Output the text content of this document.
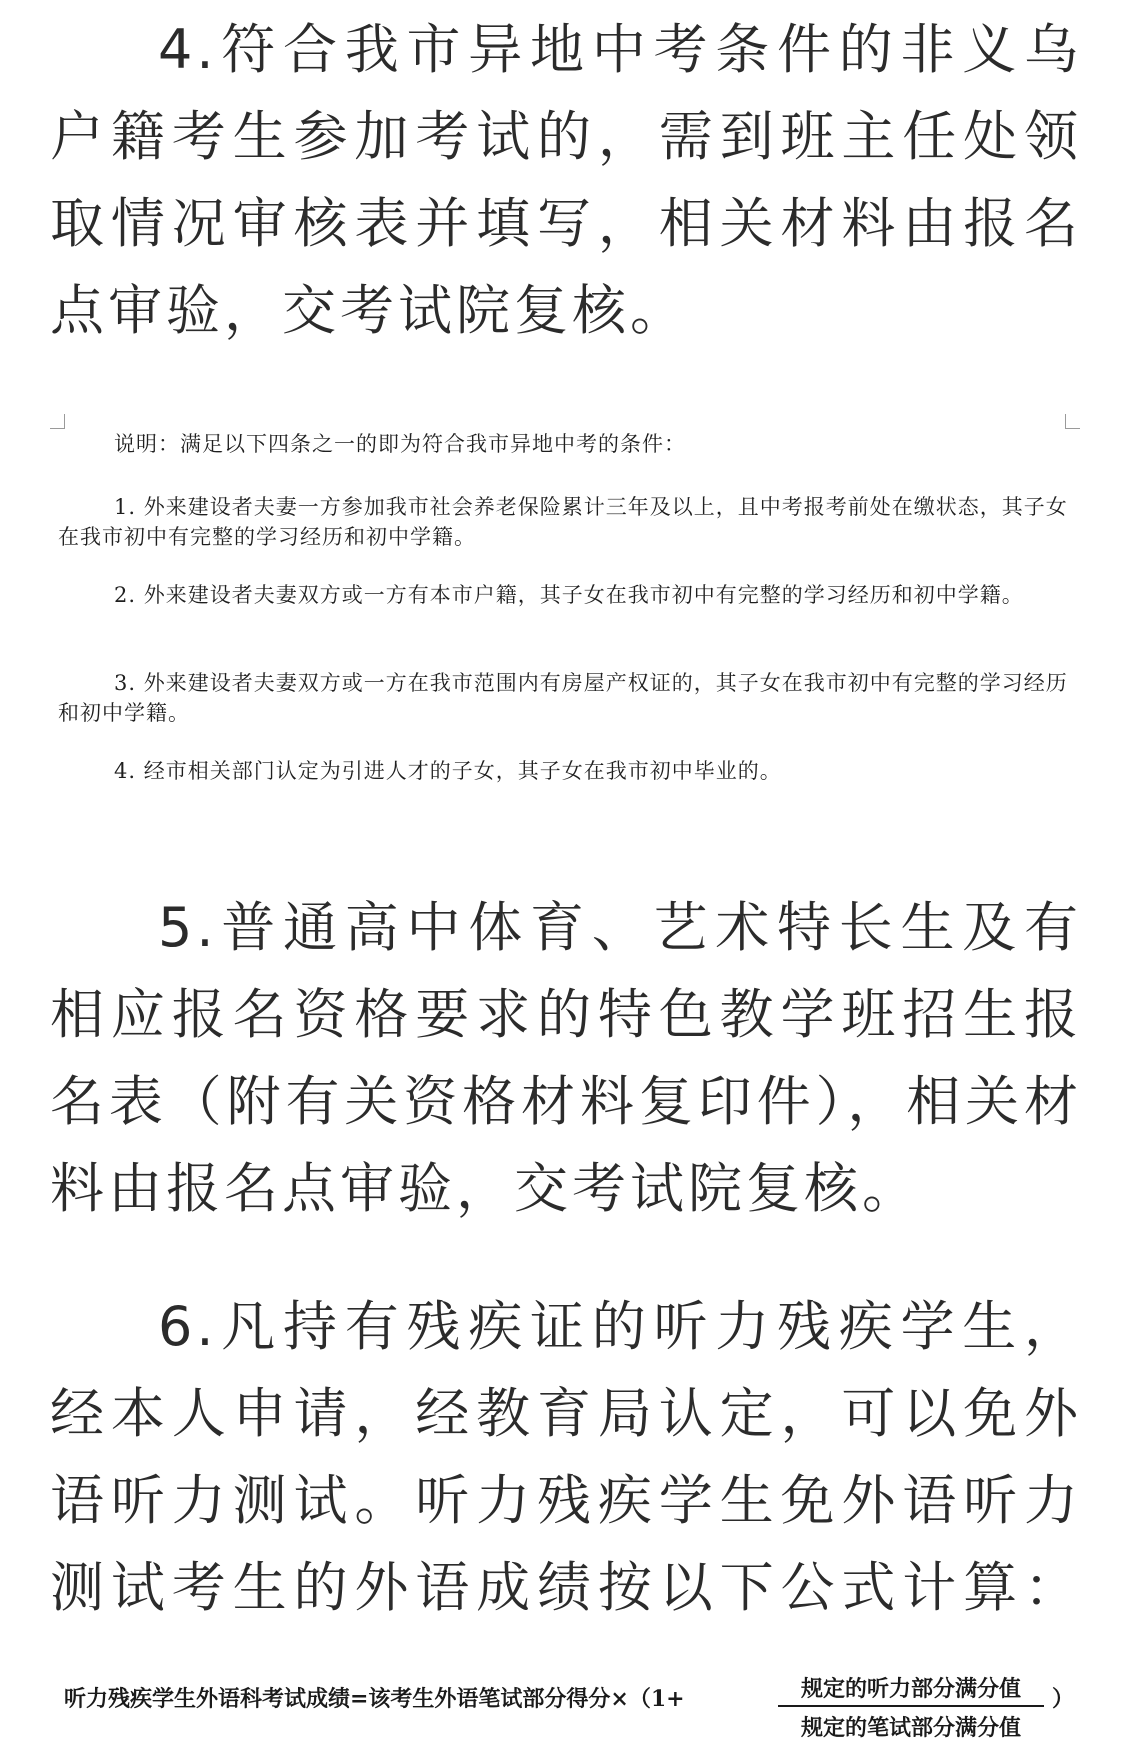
4.符合我市异地中考条件的非义乌户籍考生参加考试的，需到班主任处领取情况审核表并填写，相关材料由报名点审验，交考试院复核。

说明：满足以下四条之一的即为符合我市异地中考的条件：

1. 外来建设者夫妻一方参加我市社会养老保险累计三年及以上，且中考报考前处在缴状态，其子女在我市初中有完整的学习经历和初中学籍。

2. 外来建设者夫妻双方或一方有本市户籍，其子女在我市初中有完整的学习经历和初中学籍。

3. 外来建设者夫妻双方或一方在我市范围内有房屋产权证的，其子女在我市初中有完整的学习经历和初中学籍。

4. 经市相关部门认定为引进人才的子女，其子女在我市初中毕业的。

5.普通高中体育、艺术特长生及有相应报名资格要求的特色教学班招生报名表（附有关资格材料复印件），相关材料由报名点审验，交考试院复核。

6.凡持有残疾证的听力残疾学生，经本人申请，经教育局认定，可以免外语听力测试。听力残疾学生免外语听力测试考生的外语成绩按以下公式计算：

听力残疾学生外语科考试成绩=该考生外语笔试部分得分×（1+	规定的听力部分满分值
规定的笔试部分满分值
）
